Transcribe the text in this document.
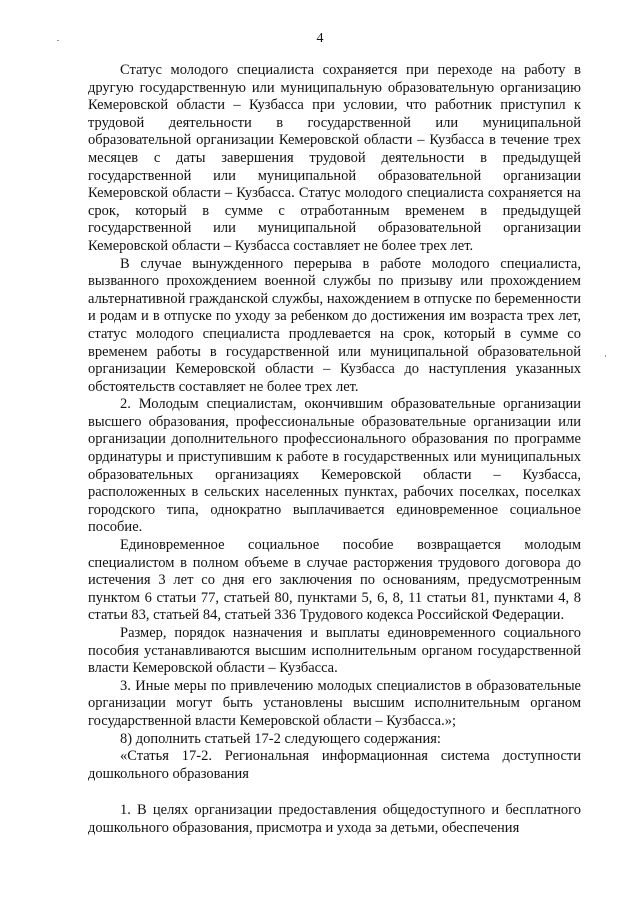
4

Статус молодого специалиста сохраняется при переходе на работу в другую государственную или муниципальную образовательную организацию Кемеровской области – Кузбасса при условии, что работник приступил к трудовой деятельности в государственной или муниципальной образовательной организации Кемеровской области – Кузбасса в течение трех месяцев с даты завершения трудовой деятельности в предыдущей государственной или муниципальной образовательной организации Кемеровской области – Кузбасса. Статус молодого специалиста сохраняется на срок, который в сумме с отработанным временем в предыдущей государственной или муниципальной образовательной организации Кемеровской области – Кузбасса составляет не более трех лет.

В случае вынужденного перерыва в работе молодого специалиста, вызванного прохождением военной службы по призыву или прохождением альтернативной гражданской службы, нахождением в отпуске по беременности и родам и в отпуске по уходу за ребенком до достижения им возраста трех лет, статус молодого специалиста продлевается на срок, который в сумме со временем работы в государственной или муниципальной образовательной организации Кемеровской области – Кузбасса до наступления указанных обстоятельств составляет не более трех лет.

2. Молодым специалистам, окончившим образовательные организации высшего образования, профессиональные образовательные организации или организации дополнительного профессионального образования по программе ординатуры и приступившим к работе в государственных или муниципальных образовательных организациях Кемеровской области – Кузбасса, расположенных в сельских населенных пунктах, рабочих поселках, поселках городского типа, однократно выплачивается единовременное социальное пособие.

Единовременное социальное пособие возвращается молодым специалистом в полном объеме в случае расторжения трудового договора до истечения 3 лет со дня его заключения по основаниям, предусмотренным пунктом 6 статьи 77, статьей 80, пунктами 5, 6, 8, 11 статьи 81, пунктами 4, 8 статьи 83, статьей 84, статьей 336 Трудового кодекса Российской Федерации.

Размер, порядок назначения и выплаты единовременного социального пособия устанавливаются высшим исполнительным органом государственной власти Кемеровской области – Кузбасса.

3. Иные меры по привлечению молодых специалистов в образовательные организации могут быть установлены высшим исполнительным органом государственной власти Кемеровской области – Кузбасса.»;

8) дополнить статьей 17-2 следующего содержания:

«Статья 17-2. Региональная информационная система доступности дошкольного образования

1. В целях организации предоставления общедоступного и бесплатного дошкольного образования, присмотра и ухода за детьми, обеспечения
